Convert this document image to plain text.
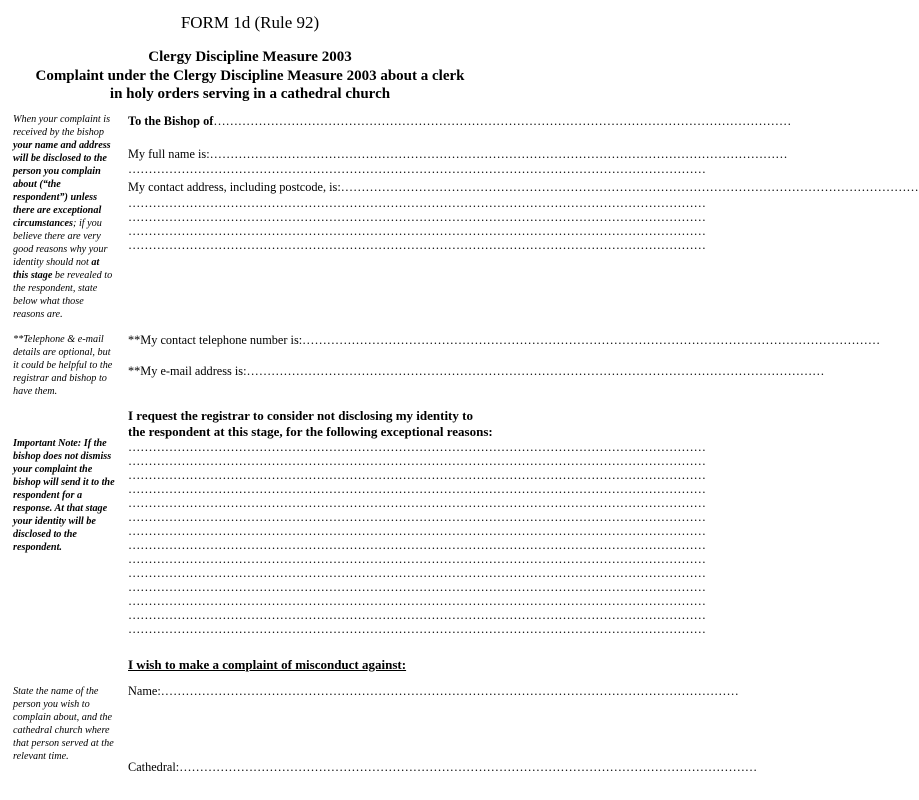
FORM 1d (Rule 92)
Clergy Discipline Measure 2003
Complaint under the Clergy Discipline Measure 2003 about a clerk in holy orders serving in a cathedral church
When your complaint is received by the bishop your name and address will be disclosed to the person you complain about (“the respondent”) unless there are exceptional circumstances; if you believe there are very good reasons why your identity should not at this stage be revealed to the respondent, state below what those reasons are.
To the Bishop of……………………………………………………………………………………………………………………………
My full name is:……………………………………………………………………………………………………………………………
……………………………………………………………………………………………………………………………
My contact address, including postcode, is:……………………………………………………………………………………………………………………………
……………………………………………………………………………………………………………………………
……………………………………………………………………………………………………………………………
……………………………………………………………………………………………………………………………
……………………………………………………………………………………………………………………………
**Telephone & e-mail details are optional, but it could be helpful to the registrar and bishop to have them.
**My contact telephone number is:……………………………………………………………………………………………………………………………
**My e-mail address is:……………………………………………………………………………………………………………………………
I request the registrar to consider not disclosing my identity to the respondent at this stage, for the following exceptional reasons:
Important Note: If the bishop does not dismiss your complaint the bishop will send it to the respondent for a response. At that stage your identity will be disclosed to the respondent.
……………………………………………………………………………………………………………………………
……………………………………………………………………………………………………………………………
……………………………………………………………………………………………………………………………
……………………………………………………………………………………………………………………………
……………………………………………………………………………………………………………………………
……………………………………………………………………………………………………………………………
……………………………………………………………………………………………………………………………
……………………………………………………………………………………………………………………………
……………………………………………………………………………………………………………………………
……………………………………………………………………………………………………………………………
……………………………………………………………………………………………………………………………
……………………………………………………………………………………………………………………………
……………………………………………………………………………………………………………………………
……………………………………………………………………………………………………………………………
I wish to make a complaint of misconduct against:
State the name of the person you wish to complain about, and the cathedral church where that person served at the relevant time.
Name:……………………………………………………………………………………………………………………………
Cathedral:……………………………………………………………………………………………………………………………
